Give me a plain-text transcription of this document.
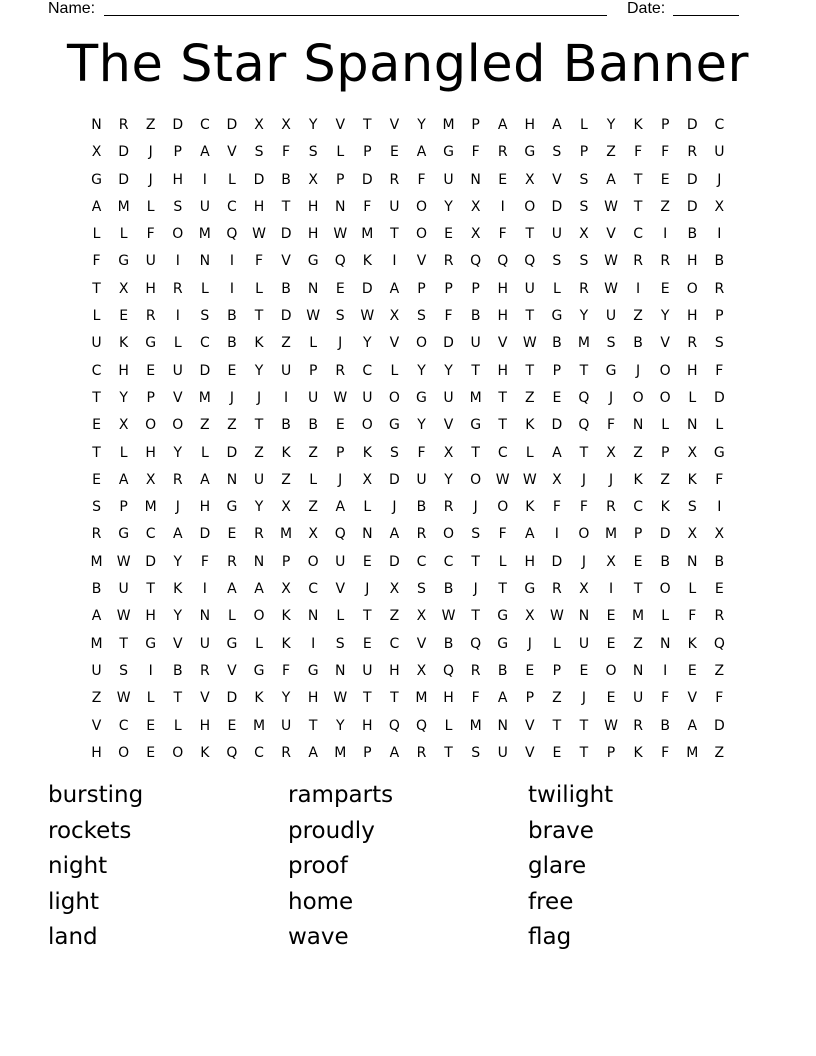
Name:	Date:
The Star Spangled Banner
N	R	Z	D	C	D	X	X	Y	V	T	V	Y	M	P	A	H	A	L	Y	K	P	D	C
X	D	J	P	A	V	S	F	S	L	P	E	A	G	F	R	G	S	P	Z	F	F	R	U
G	D	J	H	I	L	D	B	X	P	D	R	F	U	N	E	X	V	S	A	T	E	D	J
A	M	L	S	U	C	H	T	H	N	F	U	O	Y	X	I	O	D	S	W	T	Z	D	X
L	L	F	O	M	Q	W	D	H	W	M	T	O	E	X	F	T	U	X	V	C	I	B	I
F	G	U	I	N	I	F	V	G	Q	K	I	V	R	Q	Q	Q	S	S	W	R	R	H	B
T	X	H	R	L	I	L	B	N	E	D	A	P	P	P	H	U	L	R	W	I	E	O	R
L	E	R	I	S	B	T	D	W	S	W	X	S	F	B	H	T	G	Y	U	Z	Y	H	P
U	K	G	L	C	B	K	Z	L	J	Y	V	O	D	U	V	W	B	M	S	B	V	R	S
C	H	E	U	D	E	Y	U	P	R	C	L	Y	Y	T	H	T	P	T	G	J	O	H	F
T	Y	P	V	M	J	J	I	U	W	U	O	G	U	M	T	Z	E	Q	J	O	O	L	D
E	X	O	O	Z	Z	T	B	B	E	O	G	Y	V	G	T	K	D	Q	F	N	L	N	L
T	L	H	Y	L	D	Z	K	Z	P	K	S	F	X	T	C	L	A	T	X	Z	P	X	G
E	A	X	R	A	N	U	Z	L	J	X	D	U	Y	O	W W	X	J	J	K	Z	K	F
S	P	M	J	H	G	Y	X	Z	A	L	J	B	R	J	O	K	F	F	R	C	K	S	I
R	G	C	A	D	E	R	M	X	Q	N	A	R	O	S	F	A	I	O	M	P	D	X	X
M	W	D	Y	F	R	N	P	O	U	E	D	C	C	T	L	H	D	J	X	E	B	N	B
B	U	T	K	I	A	A	X	C	V	J	X	S	B	J	T	G	R	X	I	T	O	L	E
A	W	H	Y	N	L	O	K	N	L	T	Z	X	W	T	G	X	W	N	E	M	L	F	R
M	T	G	V	U	G	L	K	I	S	E	C	V	B	Q	G	J	L	U	E	Z	N	K	Q
U	S	I	B	R	V	G	F	G	N	U	H	X	Q	R	B	E	P	E	O	N	I	E	Z
Z	W	L	T	V	D	K	Y	H	W	T	T	M	H	F	A	P	Z	J	E	U	F	V	F
V	C	E	L	H	E	M	U	T	Y	H	Q	Q	L	M	N	V	T	T	W	R	B	A	D
H	O	E	O	K	Q	C	R	A	M	P	A	R	T	S	U	V	E	T	P	K	F	M	Z
bursting
rockets
night
light
land
ramparts
proudly
proof
home
wave
twilight
brave
glare
free
flag
